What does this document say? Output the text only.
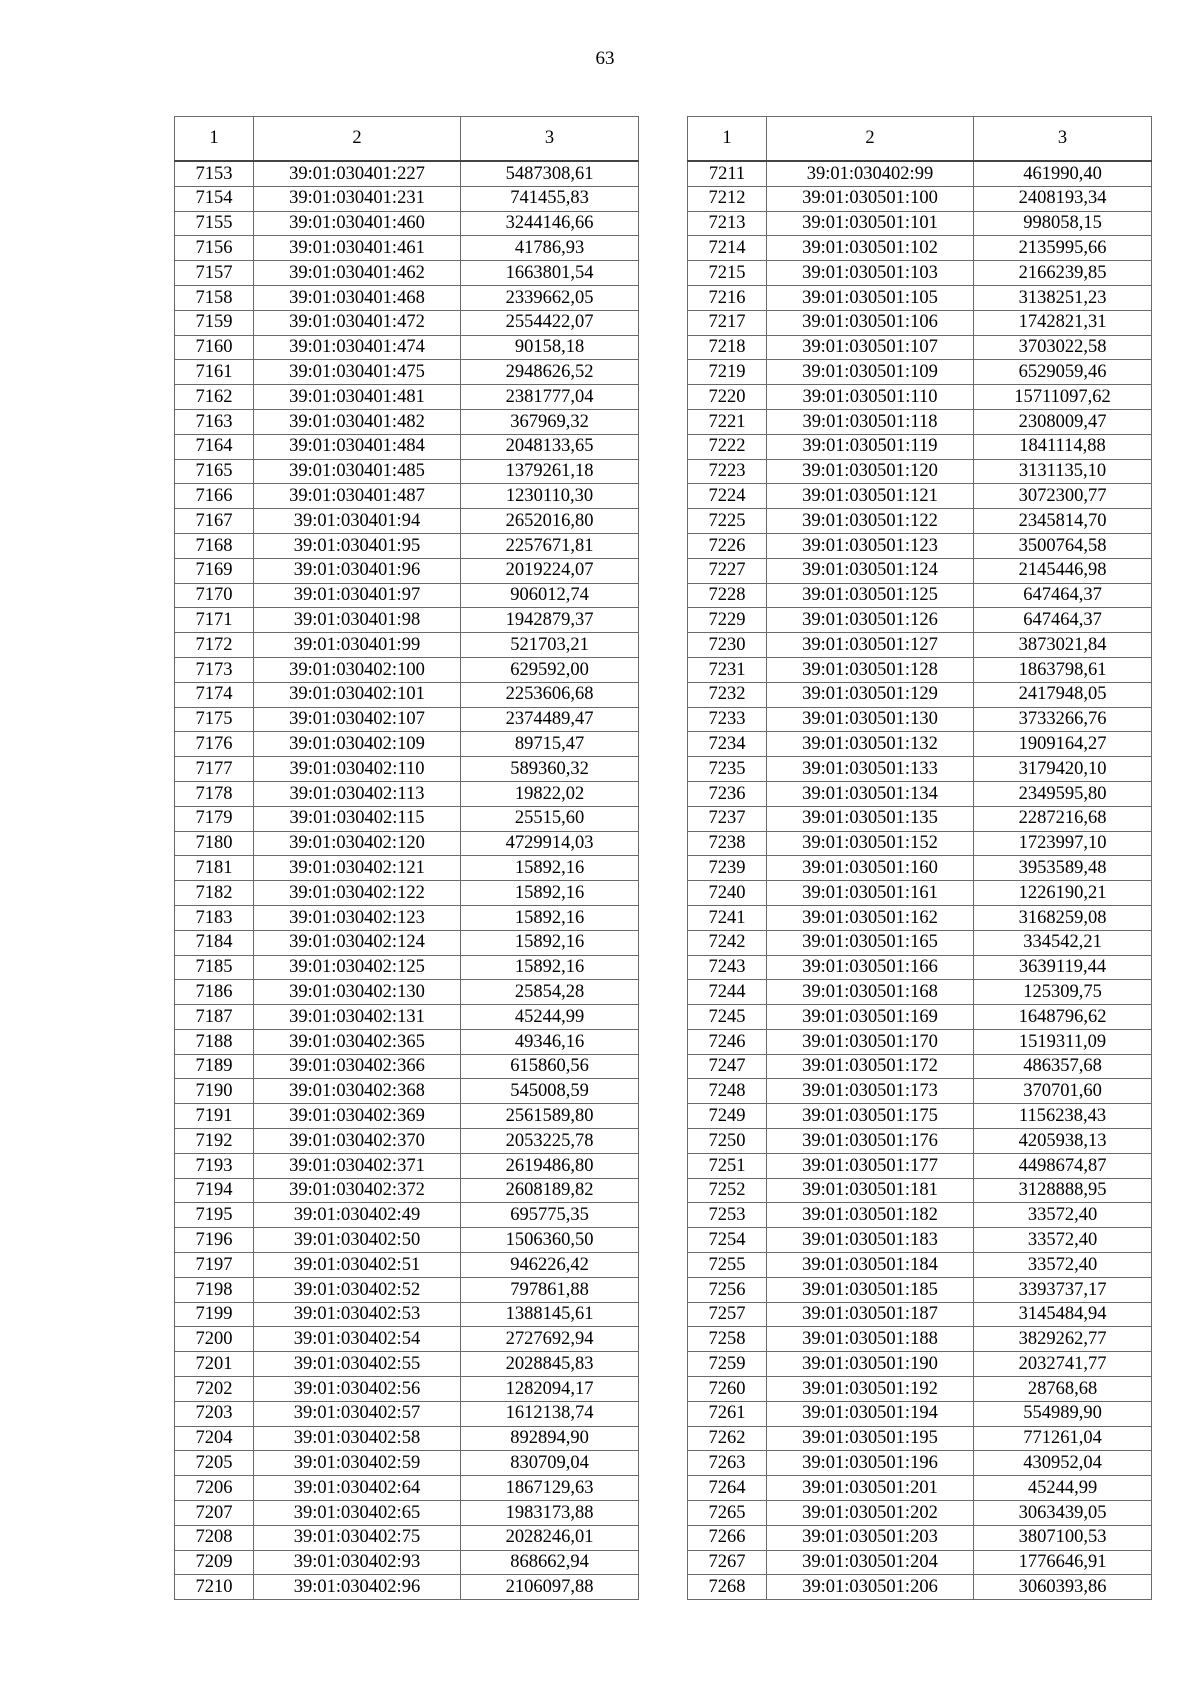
63
1	2	3
7153	39:01:030401:227	5487308,61
7154	39:01:030401:231	741455,83
7155	39:01:030401:460	3244146,66
7156	39:01:030401:461	41786,93
7157	39:01:030401:462	1663801,54
7158	39:01:030401:468	2339662,05
7159	39:01:030401:472	2554422,07
7160	39:01:030401:474	90158,18
7161	39:01:030401:475	2948626,52
7162	39:01:030401:481	2381777,04
7163	39:01:030401:482	367969,32
7164	39:01:030401:484	2048133,65
7165	39:01:030401:485	1379261,18
7166	39:01:030401:487	1230110,30
7167	39:01:030401:94	2652016,80
7168	39:01:030401:95	2257671,81
7169	39:01:030401:96	2019224,07
7170	39:01:030401:97	906012,74
7171	39:01:030401:98	1942879,37
7172	39:01:030401:99	521703,21
7173	39:01:030402:100	629592,00
7174	39:01:030402:101	2253606,68
7175	39:01:030402:107	2374489,47
7176	39:01:030402:109	89715,47
7177	39:01:030402:110	589360,32
7178	39:01:030402:113	19822,02
7179	39:01:030402:115	25515,60
7180	39:01:030402:120	4729914,03
7181	39:01:030402:121	15892,16
7182	39:01:030402:122	15892,16
7183	39:01:030402:123	15892,16
7184	39:01:030402:124	15892,16
7185	39:01:030402:125	15892,16
7186	39:01:030402:130	25854,28
7187	39:01:030402:131	45244,99
7188	39:01:030402:365	49346,16
7189	39:01:030402:366	615860,56
7190	39:01:030402:368	545008,59
7191	39:01:030402:369	2561589,80
7192	39:01:030402:370	2053225,78
7193	39:01:030402:371	2619486,80
7194	39:01:030402:372	2608189,82
7195	39:01:030402:49	695775,35
7196	39:01:030402:50	1506360,50
7197	39:01:030402:51	946226,42
7198	39:01:030402:52	797861,88
7199	39:01:030402:53	1388145,61
7200	39:01:030402:54	2727692,94
7201	39:01:030402:55	2028845,83
7202	39:01:030402:56	1282094,17
7203	39:01:030402:57	1612138,74
7204	39:01:030402:58	892894,90
7205	39:01:030402:59	830709,04
7206	39:01:030402:64	1867129,63
7207	39:01:030402:65	1983173,88
7208	39:01:030402:75	2028246,01
7209	39:01:030402:93	868662,94
7210	39:01:030402:96	2106097,88
1	2	3
7211	39:01:030402:99	461990,40
7212	39:01:030501:100	2408193,34
7213	39:01:030501:101	998058,15
7214	39:01:030501:102	2135995,66
7215	39:01:030501:103	2166239,85
7216	39:01:030501:105	3138251,23
7217	39:01:030501:106	1742821,31
7218	39:01:030501:107	3703022,58
7219	39:01:030501:109	6529059,46
7220	39:01:030501:110	15711097,62
7221	39:01:030501:118	2308009,47
7222	39:01:030501:119	1841114,88
7223	39:01:030501:120	3131135,10
7224	39:01:030501:121	3072300,77
7225	39:01:030501:122	2345814,70
7226	39:01:030501:123	3500764,58
7227	39:01:030501:124	2145446,98
7228	39:01:030501:125	647464,37
7229	39:01:030501:126	647464,37
7230	39:01:030501:127	3873021,84
7231	39:01:030501:128	1863798,61
7232	39:01:030501:129	2417948,05
7233	39:01:030501:130	3733266,76
7234	39:01:030501:132	1909164,27
7235	39:01:030501:133	3179420,10
7236	39:01:030501:134	2349595,80
7237	39:01:030501:135	2287216,68
7238	39:01:030501:152	1723997,10
7239	39:01:030501:160	3953589,48
7240	39:01:030501:161	1226190,21
7241	39:01:030501:162	3168259,08
7242	39:01:030501:165	334542,21
7243	39:01:030501:166	3639119,44
7244	39:01:030501:168	125309,75
7245	39:01:030501:169	1648796,62
7246	39:01:030501:170	1519311,09
7247	39:01:030501:172	486357,68
7248	39:01:030501:173	370701,60
7249	39:01:030501:175	1156238,43
7250	39:01:030501:176	4205938,13
7251	39:01:030501:177	4498674,87
7252	39:01:030501:181	3128888,95
7253	39:01:030501:182	33572,40
7254	39:01:030501:183	33572,40
7255	39:01:030501:184	33572,40
7256	39:01:030501:185	3393737,17
7257	39:01:030501:187	3145484,94
7258	39:01:030501:188	3829262,77
7259	39:01:030501:190	2032741,77
7260	39:01:030501:192	28768,68
7261	39:01:030501:194	554989,90
7262	39:01:030501:195	771261,04
7263	39:01:030501:196	430952,04
7264	39:01:030501:201	45244,99
7265	39:01:030501:202	3063439,05
7266	39:01:030501:203	3807100,53
7267	39:01:030501:204	1776646,91
7268	39:01:030501:206	3060393,86
